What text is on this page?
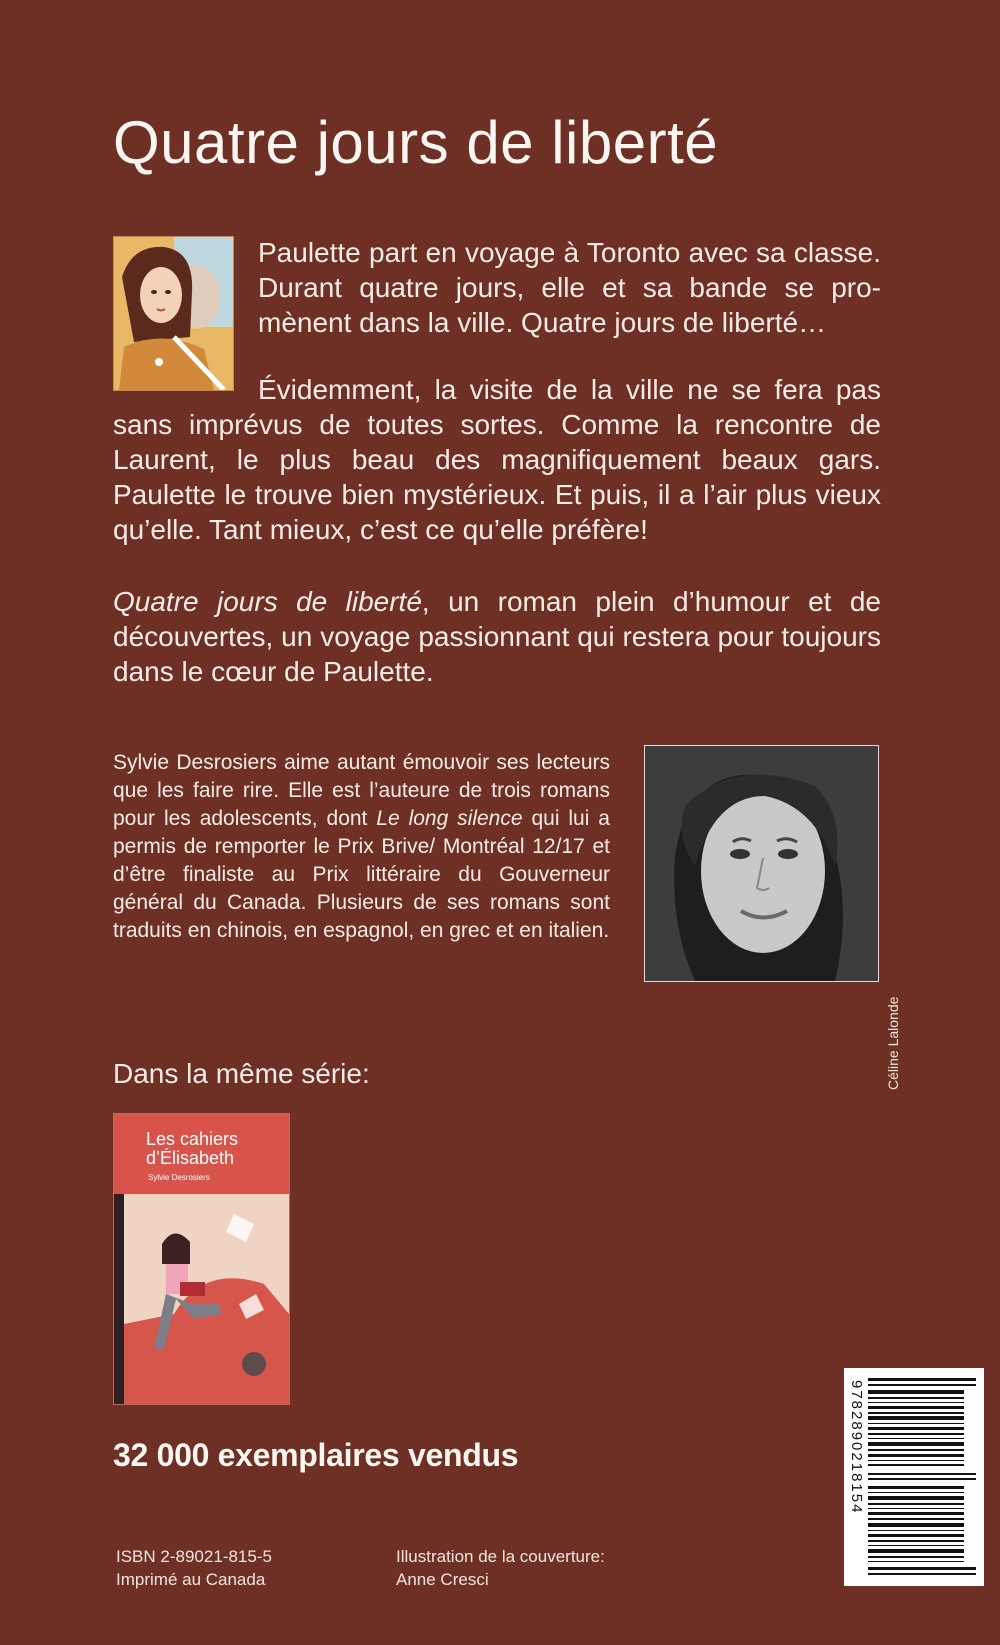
Quatre jours de liberté
Paulette part en voyage à Toronto avec sa classe.
Durant quatre jours, elle et sa bande se pro-
mènent dans la ville. Quatre jours de liberté…

Évidemment, la visite de la ville ne se fera pas sans imprévus de toutes sortes. Comme la rencontre de Laurent, le plus beau des magnifiquement beaux gars. Paulette le trouve bien mystérieux. Et puis, il a l’air plus vieux qu’elle. Tant mieux, c’est ce qu’elle préfère!

Quatre jours de liberté, un roman plein d’humour et de découvertes, un voyage passionnant qui restera pour toujours dans le cœur de Paulette.

Sylvie Desrosiers aime autant émouvoir ses lecteurs que les faire rire. Elle est l’auteure de trois romans pour les adolescents, dont Le long silence qui lui a permis de remporter le Prix Brive/ Montréal 12/17 et d’être finaliste au Prix littéraire du Gouverneur général du Canada. Plusieurs de ses romans sont traduits en chinois, en espagnol, en grec et en italien.

Céline Lalonde

Dans la même série:

Les cahiers
d’Élisabeth
Sylvie Desrosiers

32 000 exemplaires vendus	9782890218154
ISBN 2-89021-815-5
Imprimé au Canada
Illustration de la couverture:
Anne Cresci
